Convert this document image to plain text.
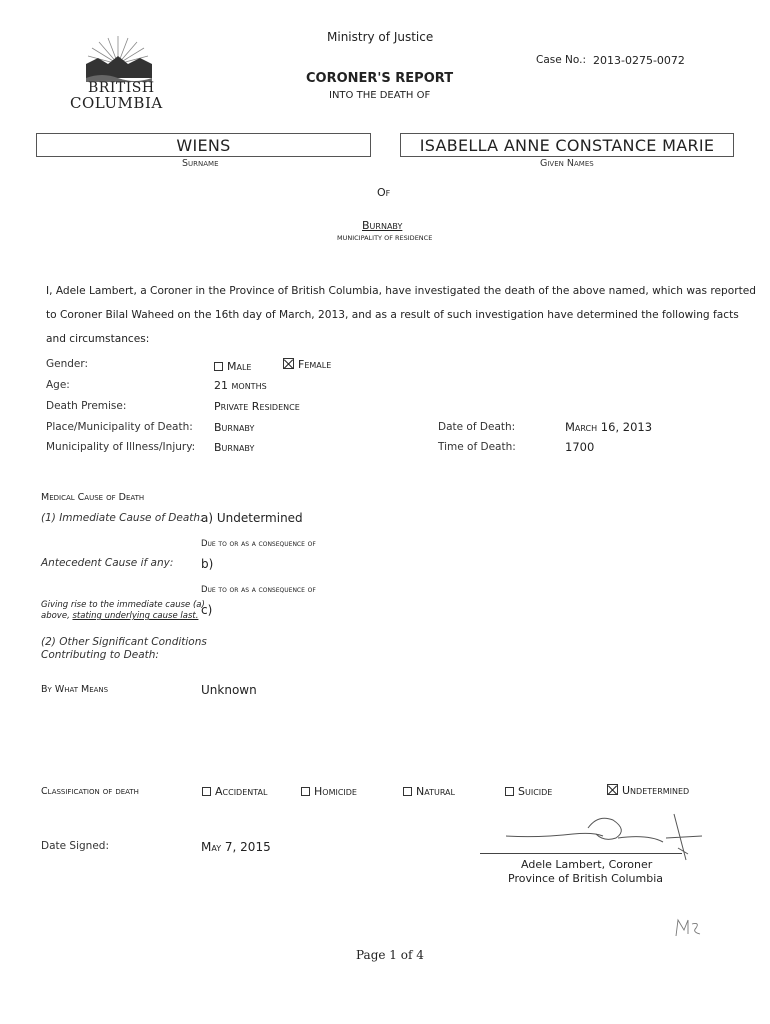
Ministry of Justice
BRITISH
COLUMBIA
Case No.: 2013-0275-0072
CORONER'S REPORT
INTO THE DEATH OF
WIENS
Surname
ISABELLA ANNE CONSTANCE MARIE
Given Names
Of
Burnaby
MUNICIPALITY OF RESIDENCE
I, Adele Lambert, a Coroner in the Province of British Columbia, have investigated the death of the above named, which was reported
to Coroner Bilal Waheed on the 16th day of March, 2013, and as a result of such investigation have determined the following facts
and circumstances:
Gender:	Male	Female
Age:	21 months
Death Premise:	Private Residence
Place/Municipality of Death: Burnaby
Municipality of Illness/Injury: Burnaby
Date of Death:	March 16, 2013
Time of Death:	1700
Medical Cause of Death
(1) Immediate Cause of Death:
a) Undetermined
Due to or as a consequence of
Antecedent Cause if any: b)
Due to or as a consequence of
Giving rise to the immediate cause (a)
above, stating underlying cause last. c)
(2) Other Significant Conditions
Contributing to Death:
By What Means	Unknown
Classification of death	Accidental	Homicide	Natural	Suicide	Undetermined
Date Signed:	May 7, 2015
Adele Lambert, Coroner
Province of British Columbia
Page 1 of 4
